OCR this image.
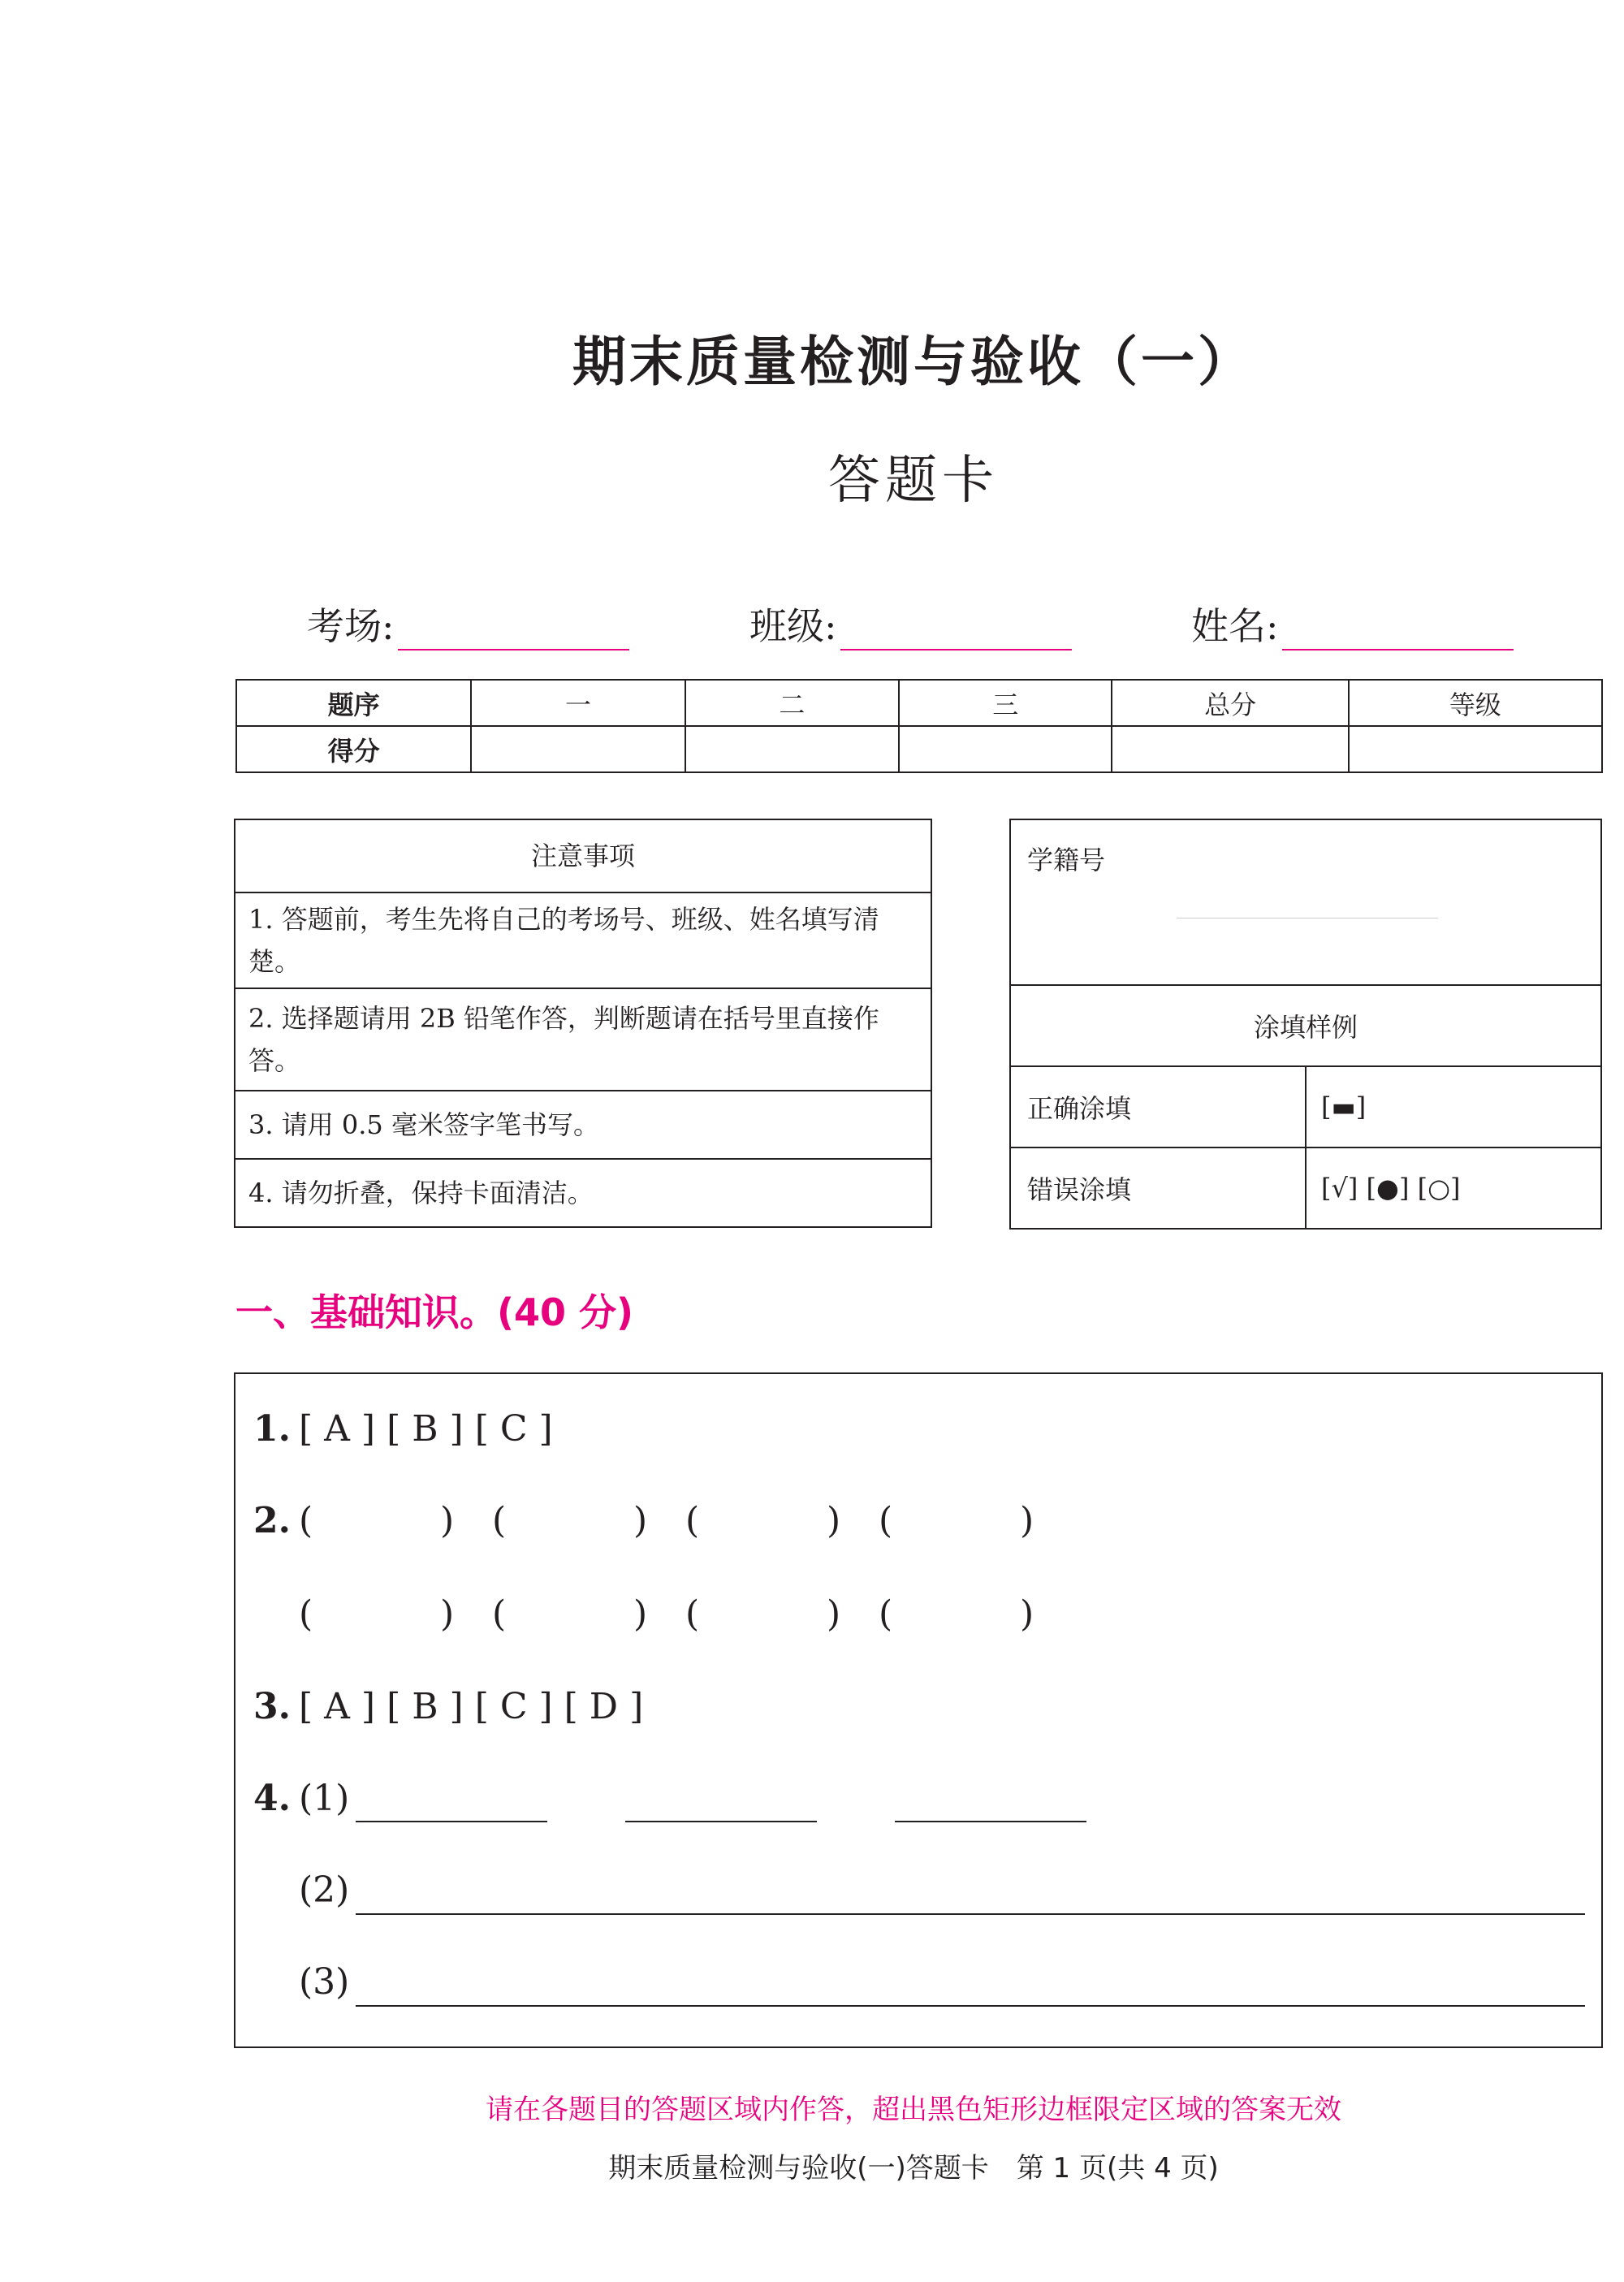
期末质量检测与验收（一）
答题卡
考场:	班级:	姓名:
题序	一	二	三	总分	等级
得分					
注意事项
1. 答题前，考生先将自己的考场号、班级、姓名填写清楚。
2. 选择题请用 2B 铅笔作答，判断题请在括号里直接作答。
3. 请用 0.5 毫米签字笔书写。
4. 请勿折叠，保持卡面清洁。
学籍号
涂填样例
正确涂填	[▬]
错误涂填	[√] [●] [○]
一、基础知识。(40 分)
1. [ A ] [ B ] [ C ]
2. (	) (	) (	) (	)
(	) (	) (	) (	)
3. [ A ] [ B ] [ C ] [ D ]
4. (1)
(2)
(3)
请在各题目的答题区域内作答，超出黑色矩形边框限定区域的答案无效
期末质量检测与验收(一)答题卡　第 1 页(共 4 页)
